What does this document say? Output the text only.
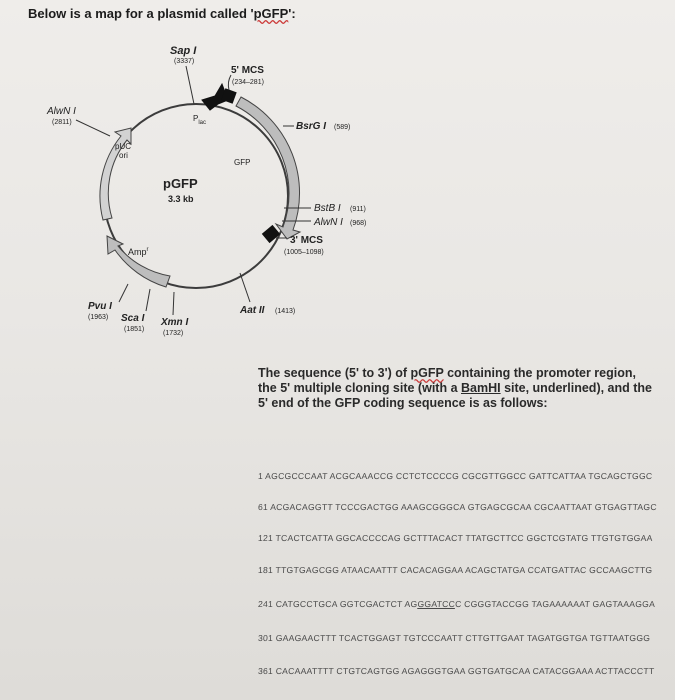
Below is a map for a plasmid called 'pGFP':
Sap I
(3337)
5' MCS
(234–281)
AlwN I
(2811)	$P_{lac}$	BsrG I (589)
pUC
ori
GFP
pGFP
3.3 kb
BstB I (911)
AlwN I (968)
3' MCS
(1005–1098)
Amp$^r$
Aat II (1413)
Pvu I
(1963) Sca I
(1851)
Xmn I
(1732)
The sequence (5' to 3') of pGFP containing the promoter region, the 5' multiple cloning site (with a BamHI site, underlined), and the 5' end of the GFP coding sequence is as follows:
1 AGCGCCCAAT ACGCAAACCG CCTCTCCCCG CGCGTTGGCC GATTCATTAA TGCAGCTGGC
61 ACGACAGGTT TCCCGACTGG AAAGCGGGCA GTGAGCGCAA CGCAATTAAT GTGAGTTAGC
121 TCACTCATTA GGCACCCCAG GCTTTACACT TTATGCTTCC GGCTCGTATG TTGTGTGGAA
181 TTGTGAGCGG ATAACAATTT CACACAGGAA ACAGCTATGA CCATGATTAC GCCAAGCTTG
241 CATGCCTGCA GGTCGACTCT AGGGATCCC CGGGTACCGG TAGAAAAAAT GAGTAAAGGA
301 GAAGAACTTT TCACTGGAGT TGTCCCAATT CTTGTTGAAT TAGATGGTGA TGTTAATGGG
361 CACAAATTTT CTGTCAGTGG AGAGGGTGAA GGTGATGCAA CATACGGAAA ACTTACCCTT
